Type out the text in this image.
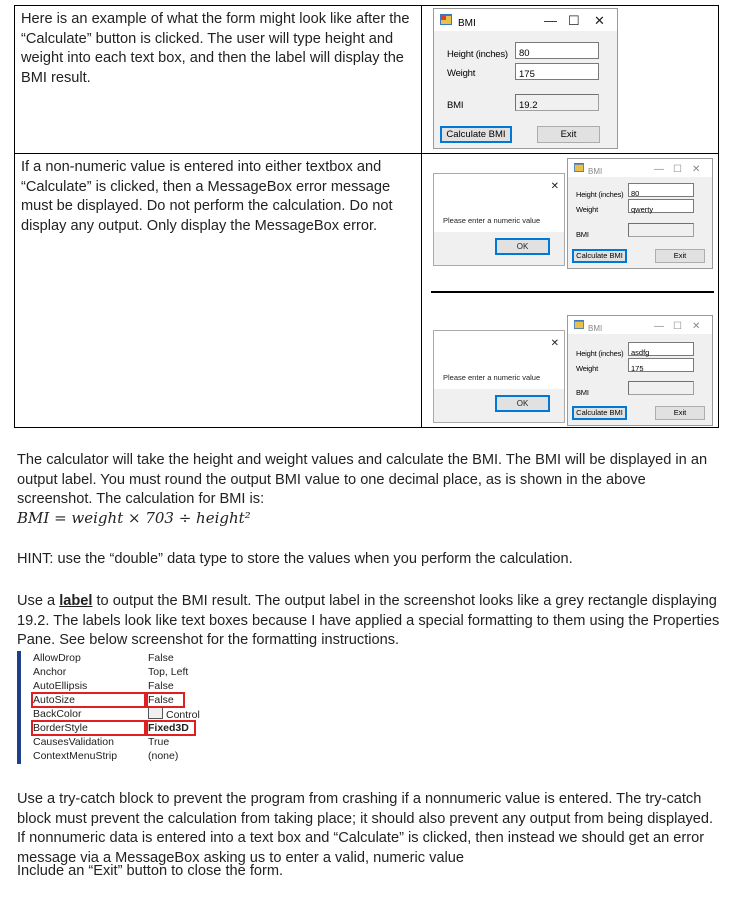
Here is an example of what the form might look like after the “Calculate” button is clicked. The user will type height and weight into each text box, and then the label will display the BMI result.	

If a non-numeric value is entered into either textbox and “Calculate” is clicked, then a MessageBox error message must be displayed. Do not perform the calculation. Do not display any output. Only display the MessageBox error.	

BMI	— ☐ ✕
Height (inches)	80
Weight	175
BMI	19.2
Calculate BMI	Exit
BMI	— ☐ ✕
Height (inches)	80
Weight	qwerty
BMI
Calculate BMI	Exit
✕
Please enter a numeric value
OK
BMI	— ☐ ✕
Height (inches)	asdfg
Weight	175
BMI
Calculate BMI	Exit
✕
Please enter a numeric value
OK
The calculator will take the height and weight values and calculate the BMI. The BMI will be displayed in an output label. You must round the output BMI value to one decimal place, as is shown in the above screenshot. The calculation for BMI is:
BMI = weight × 703 ÷ height²
HINT: use the “double” data type to store the values when you perform the calculation.
Use a label to output the BMI result. The output label in the screenshot looks like a grey rectangle displaying 19.2. The labels look like text boxes because I have applied a special formatting to them using the Properties Pane. See below screenshot for the formatting instructions.
AllowDrop	False
Anchor	Top, Left
AutoEllipsis	False
AutoSize	False
BackColor	Control
BorderStyle	Fixed3D
CausesValidation	True
ContextMenuStrip	(none)
Use a try-catch block to prevent the program from crashing if a nonnumeric value is entered. The try-catch block must prevent the calculation from taking place; it should also prevent any output from being displayed. If nonnumeric data is entered into a text box and “Calculate” is clicked, then instead we should get an error message via a MessageBox asking us to enter a valid, numeric value
Include an “Exit” button to close the form.
